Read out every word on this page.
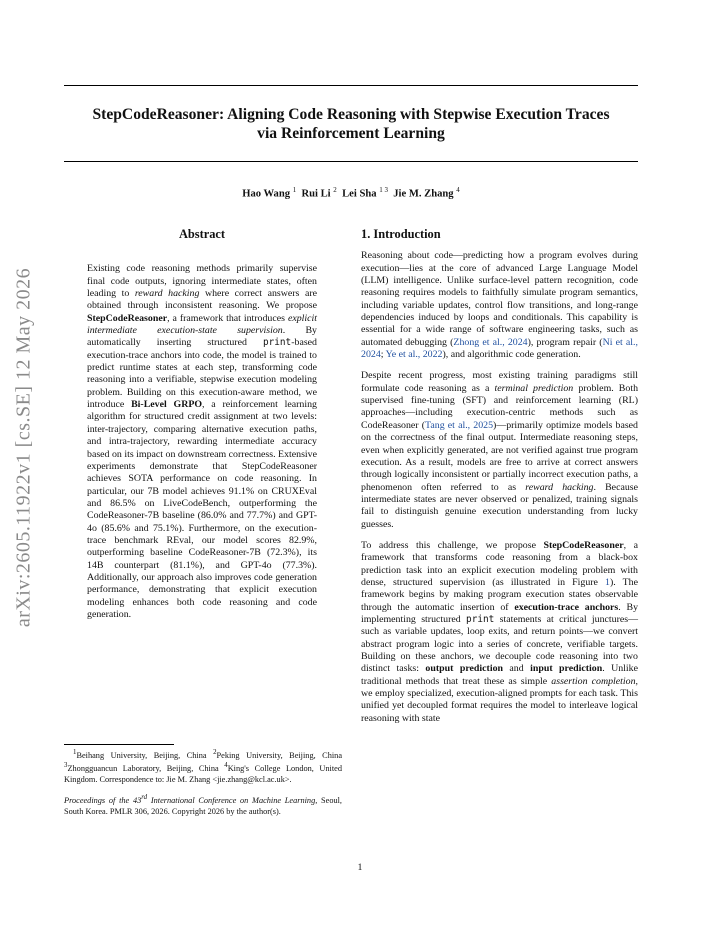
StepCodeReasoner: Aligning Code Reasoning with Stepwise Execution Traces
via Reinforcement Learning
Hao Wang $^1$ Rui Li $^2$ Lei Sha $^{1 3}$ Jie M. Zhang $^4$
arXiv:2605.11922v1 [cs.SE] 12 May 2026
Abstract
Existing code reasoning methods primarily supervise final code outputs, ignoring intermediate states, often leading to reward hacking where correct answers are obtained through inconsistent reasoning. We propose StepCodeReasoner, a framework that introduces explicit intermediate execution-state supervision. By automatically inserting structured print-based execution-trace anchors into code, the model is trained to predict runtime states at each step, transforming code reasoning into a verifiable, stepwise execution modeling problem. Building on this execution-aware method, we introduce Bi-Level GRPO, a reinforcement learning algorithm for structured credit assignment at two levels: inter-trajectory, comparing alternative execution paths, and intra-trajectory, rewarding intermediate accuracy based on its impact on downstream correctness. Extensive experiments demonstrate that StepCodeReasoner achieves SOTA performance on code reasoning. In particular, our 7B model achieves 91.1% on CRUXEval and 86.5% on LiveCodeBench, outperforming the CodeReasoner-7B baseline (86.0% and 77.7%) and GPT-4o (85.6% and 75.1%). Furthermore, on the execution-trace benchmark REval, our model scores 82.9%, outperforming baseline CodeReasoner-7B (72.3%), its 14B counterpart (81.1%), and GPT-4o (77.3%). Additionally, our approach also improves code generation performance, demonstrating that explicit execution modeling enhances both code reasoning and code generation.
1. Introduction

Reasoning about code—predicting how a program evolves during execution—lies at the core of advanced Large Language Model (LLM) intelligence. Unlike surface-level pattern recognition, code reasoning requires models to faithfully simulate program semantics, including variable updates, control flow transitions, and long-range dependencies induced by loops and conditionals. This capability is essential for a wide range of software engineering tasks, such as automated debugging (Zhong et al., 2024), program repair (Ni et al., 2024; Ye et al., 2022), and algorithmic code generation.

Despite recent progress, most existing training paradigms still formulate code reasoning as a terminal prediction problem. Both supervised fine-tuning (SFT) and reinforcement learning (RL) approaches—including execution-centric methods such as CodeReasoner (Tang et al., 2025)—primarily optimize models based on the correctness of the final output. Intermediate reasoning steps, even when explicitly generated, are not verified against true program execution. As a result, models are free to arrive at correct answers through logically inconsistent or partially incorrect execution paths, a phenomenon often referred to as reward hacking. Because intermediate states are never observed or penalized, training signals fail to distinguish genuine execution understanding from lucky guesses.

To address this challenge, we propose StepCodeReasoner, a framework that transforms code reasoning from a black-box prediction task into an explicit execution modeling problem with dense, structured supervision (as illustrated in Figure 1). The framework begins by making program execution states observable through the automatic insertion of execution-trace anchors. By implementing structured print statements at critical junctures—such as variable updates, loop exits, and return points—we convert abstract program logic into a series of concrete, verifiable targets. Building on these anchors, we decouple code reasoning into two distinct tasks: output prediction and input prediction. Unlike traditional methods that treat these as simple assertion completion, we employ specialized, execution-aligned prompts for each task. This unified yet decoupled format requires the model to interleave logical reasoning with state

$^1$Beihang University, Beijing, China $^2$Peking University, Beijing, China $^3$Zhongguancun Laboratory, Beijing, China $^4$King's College London, United Kingdom. Correspondence to: Jie M. Zhang <jie.zhang@kcl.ac.uk>.

Proceedings of the 43rd International Conference on Machine Learning, Seoul, South Korea. PMLR 306, 2026. Copyright 2026 by the author(s).

1
